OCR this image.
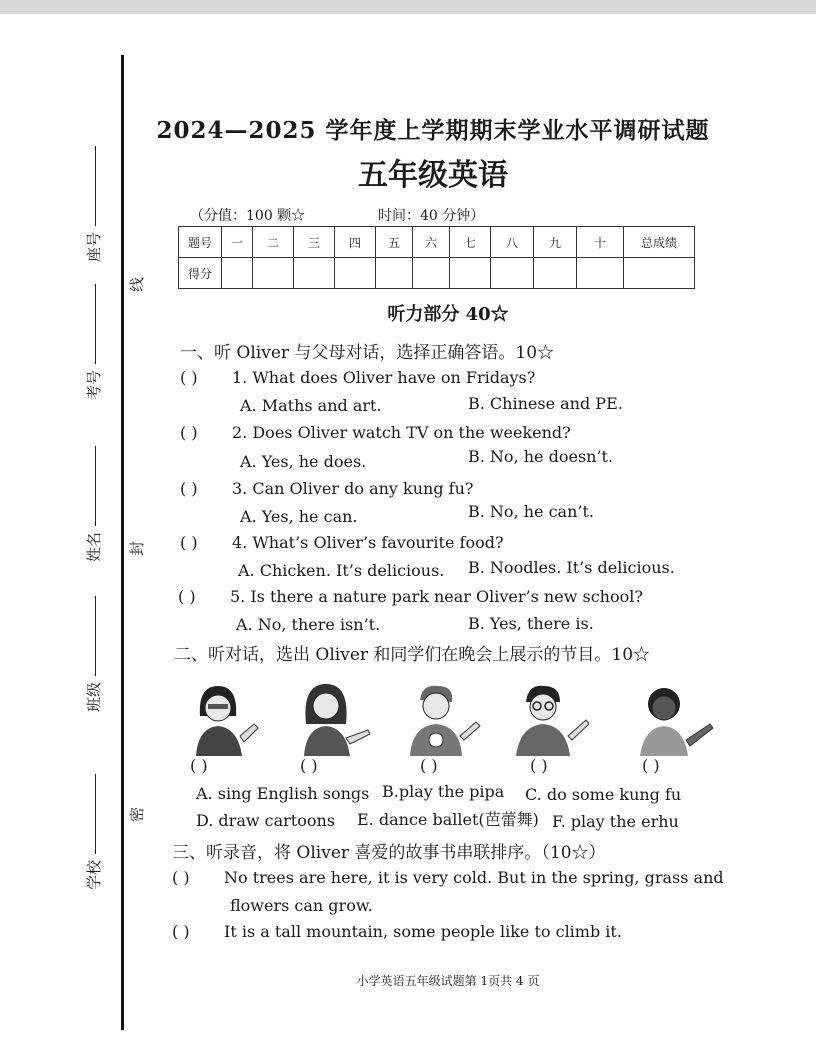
线
封
密
座号
考号
姓名
班级
学校
2024—2025 学年度上学期期末学业水平调研试题
五年级英语
（分值：100 颗☆	时间：40 分钟）
题号	一	二	三	四	五	六	七	八	九	十	总成绩
得分											
听力部分 40☆
一、听 Oliver 与父母对话，选择正确答语。10☆
( ) 1. What does Oliver have on Fridays?
A. Maths and art.	B. Chinese and PE.
( ) 2. Does Oliver watch TV on the weekend?
A. Yes, he does.	B. No, he doesn’t.
( ) 3. Can Oliver do any kung fu?
A. Yes, he can.	B. No, he can’t.
( ) 4. What’s Oliver’s favourite food?
A. Chicken. It’s delicious. B. Noodles. It’s delicious.
( ) 5. Is there a nature park near Oliver’s new school?
A. No, there isn’t.	B. Yes, there is.
二、听对话，选出 Oliver 和同学们在晚会上展示的节目。10☆
( )	( )	( )	( )	( )
A. sing English songs B.play the pipa C. do some kung fu
D. draw cartoons E. dance ballet(芭蕾舞) F. play the erhu
三、听录音，将 Oliver 喜爱的故事书串联排序。（10☆）
( ) No trees are here, it is very cold. But in the spring, grass and
flowers can grow.
( ) It is a tall mountain, some people like to climb it.
小学英语五年级试题第 1页共 4 页
